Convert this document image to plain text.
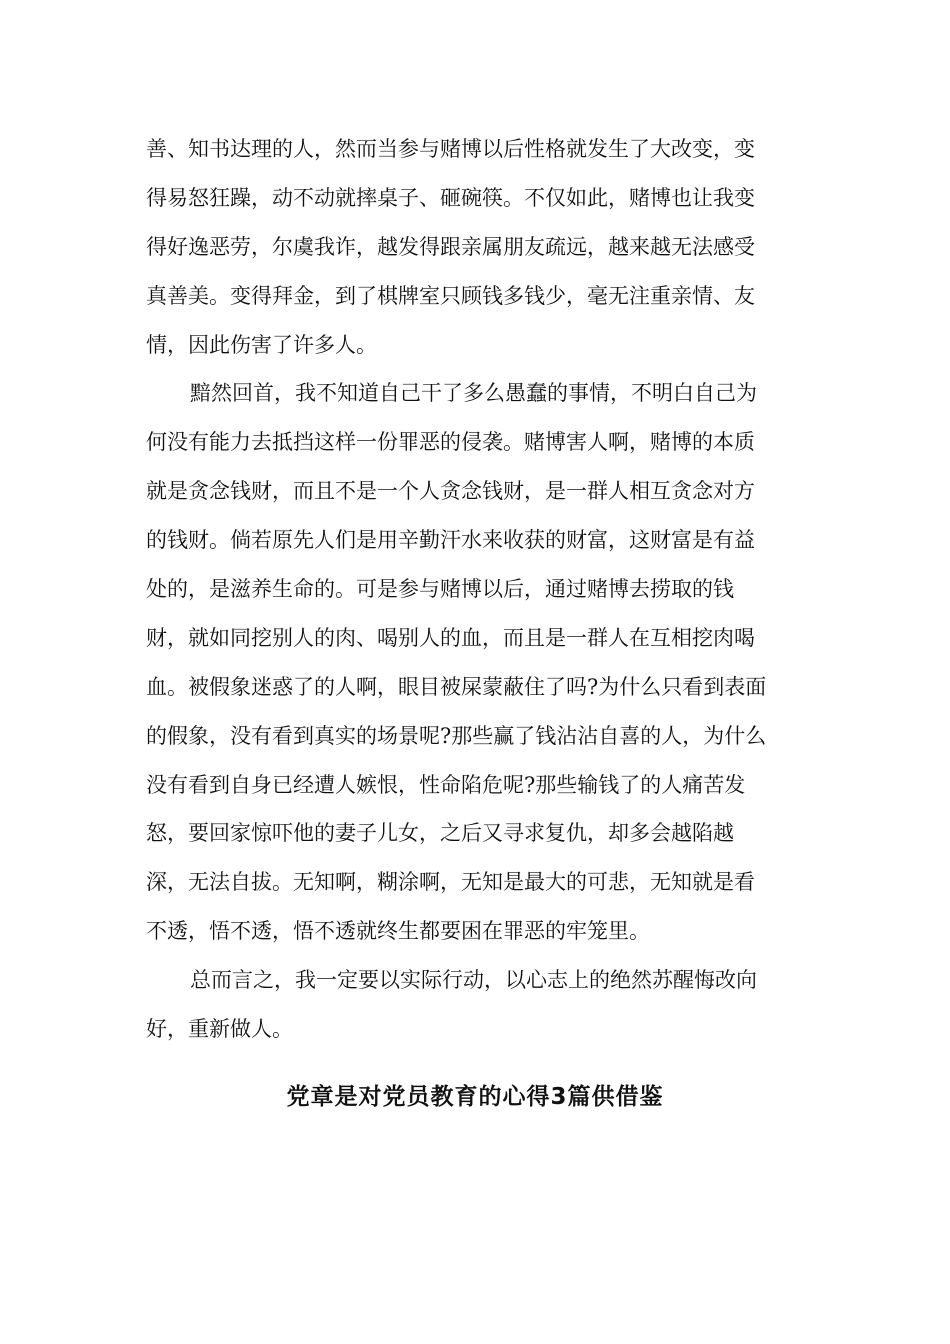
善、知书达理的人，然而当参与赌博以后性格就发生了大改变，变
得易怒狂躁，动不动就摔桌子、砸碗筷。不仅如此，赌博也让我变
得好逸恶劳，尔虞我诈，越发得跟亲属朋友疏远，越来越无法感受
真善美。变得拜金，到了棋牌室只顾钱多钱少，毫无注重亲情、友
情，因此伤害了许多人。
黯然回首，我不知道自己干了多么愚蠢的事情，不明白自己为
何没有能力去抵挡这样一份罪恶的侵袭。赌博害人啊，赌博的本质
就是贪念钱财，而且不是一个人贪念钱财，是一群人相互贪念对方
的钱财。倘若原先人们是用辛勤汗水来收获的财富，这财富是有益
处的，是滋养生命的。可是参与赌博以后，通过赌博去捞取的钱
财，就如同挖别人的肉、喝别人的血，而且是一群人在互相挖肉喝
血。被假象迷惑了的人啊，眼目被屎蒙蔽住了吗?为什么只看到表面
的假象，没有看到真实的场景呢?那些赢了钱沾沾自喜的人，为什么
没有看到自身已经遭人嫉恨，性命陷危呢?那些输钱了的人痛苦发
怒，要回家惊吓他的妻子儿女，之后又寻求复仇，却多会越陷越
深，无法自拔。无知啊，糊涂啊，无知是最大的可悲，无知就是看
不透，悟不透，悟不透就终生都要困在罪恶的牢笼里。
总而言之，我一定要以实际行动，以心志上的绝然苏醒悔改向
好，重新做人。
党章是对党员教育的心得3篇供借鉴
